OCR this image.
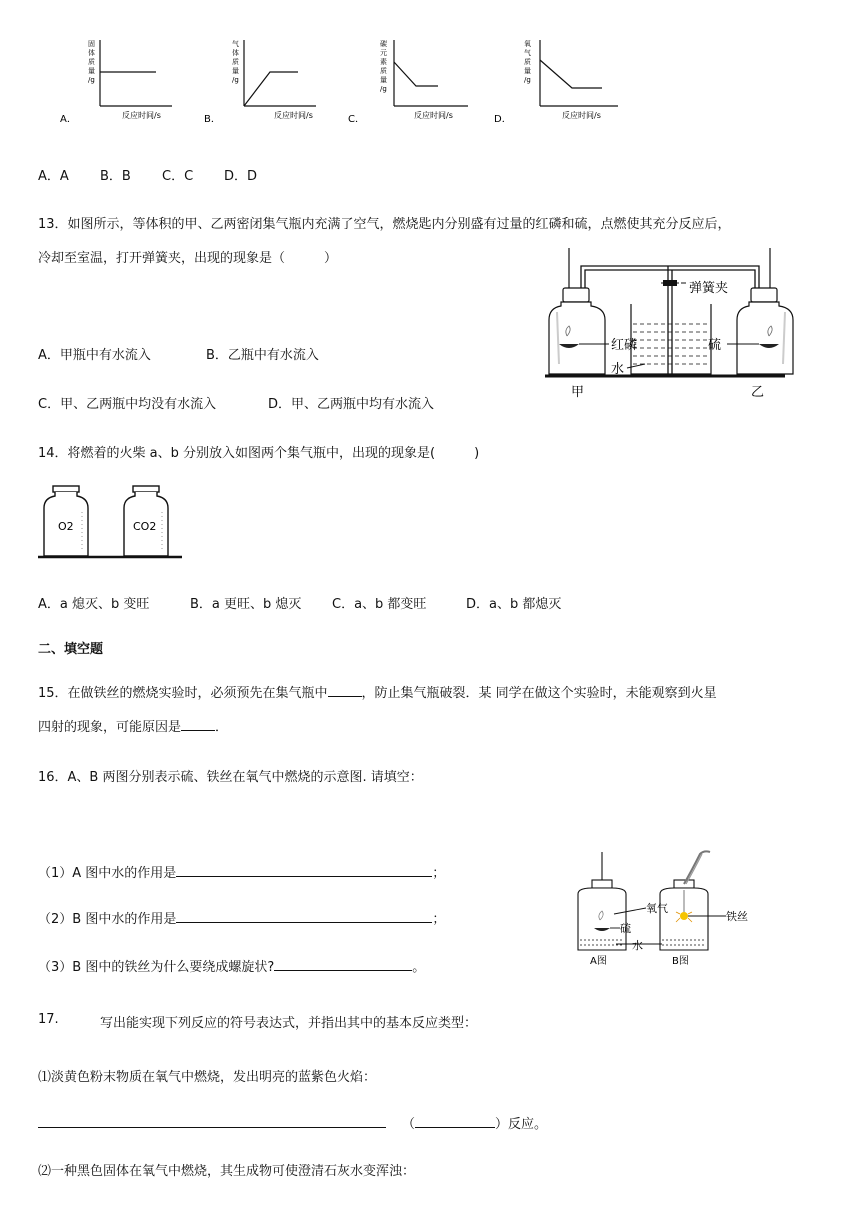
固 体 质 量 /g
反应时间/s
A．
气 体 质 量 /g
反应时间/s
B．
碳 元 素 质 量 /g
反应时间/s
C．
氧 气 质 量 /g
反应时间/s
D．
A．A B．B C．C D．D
13．如图所示，等体积的甲、乙两密闭集气瓶内充满了空气，燃烧匙内分别盛有过量的红磷和硫，点燃使其充分反应后，
冷却至室温，打开弹簧夹，出现的现象是（　　　）
A．甲瓶中有水流入	B．乙瓶中有水流入
C．甲、乙两瓶中均没有水流入	D．甲、乙两瓶中均有水流入
弹簧夹
红磷	硫
水
甲	乙
14．将燃着的火柴 a、b 分别放入如图两个集气瓶中，出现的现象是(　　　)
O2	CO2
A．a 熄灭、b 变旺	B．a 更旺、b 熄灭 C．a、b 都变旺	D．a、b 都熄灭
二、填空题
15．在做铁丝的燃烧实验时，必须预先在集气瓶中	，防止集气瓶破裂．某 同学在做这个实验时，未能观察到火星
四射的现象，可能原因是	．
16．A、B 两图分别表示硫、铁丝在氧气中燃烧的示意图. 请填空：
（1）A 图中水的作用是	；
（2）B 图中水的作用是	；
（3）B 图中的铁丝为什么要绕成螺旋状?	。	A图	B图
氧气
硫
水
铁丝
17.	写出能实现下列反应的符号表达式，并指出其中的基本反应类型：
⑴淡黄色粉末物质在氧气中燃烧，发出明亮的蓝紫色火焰：
（	）反应。
⑵一种黑色固体在氧气中燃烧，其生成物可使澄清石灰水变浑浊：
